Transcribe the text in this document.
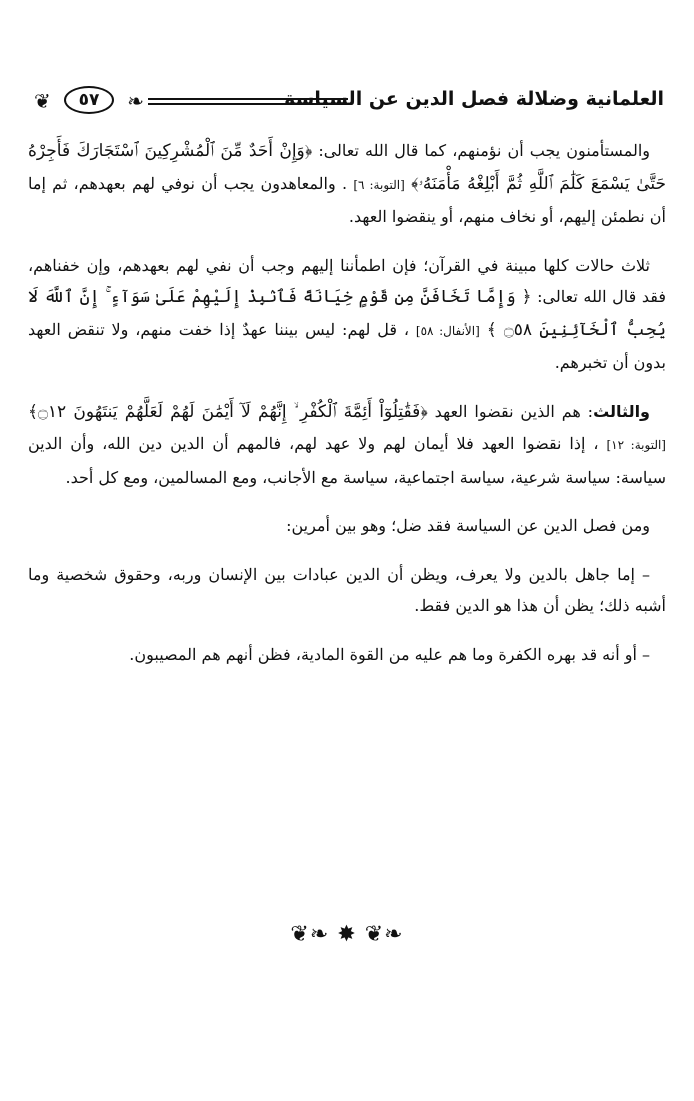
العلمانية وضلالة فصل الدين عن السياسة
❦	٥٧	❧

والمستأمنون يجب أن نؤمنهم، كما قال الله تعالى: ﴿وَإِنْ أَحَدٌ مِّنَ ٱلْمُشْرِكِينَ ٱسْتَجَارَكَ فَأَجِرْهُ حَتَّىٰ يَسْمَعَ كَلَٰمَ ٱللَّهِ ثُمَّ أَبْلِغْهُ مَأْمَنَهُۥ﴾ [التوبة: ٦] . والمعاهدون يجب أن نوفي لهم بعهدهم، ثم إما أن نطمئن إليهم، أو نخاف منهم، أو ينقضوا العهد.

ثلاث حالات كلها مبينة في القرآن؛ فإن اطمأننا إليهم وجب أن نفي لهم بعهدهم، وإن خفناهم، فقد قال الله تعالى: ﴿ وَإِمَّا تَخَافَنَّ مِن قَوْمٍ خِيَانَةً فَٱنۢبِذْ إِلَيْهِمْ عَلَىٰ سَوَآءٍ ۚ إِنَّ ٱللَّهَ لَا يُحِبُّ ٱلْخَآئِنِينَ ۝٥٨ ﴾ [الأنفال: ٥٨] ، قل لهم: ليس بيننا عهدٌ إذا خفت منهم، ولا تنقض العهد بدون أن تخبرهم.

والثالث: هم الذين نقضوا العهد ﴿فَقَٰتِلُوٓاْ أَئِمَّةَ ٱلْكُفْرِ ۙ إِنَّهُمْ لَآ أَيْمَٰنَ لَهُمْ لَعَلَّهُمْ يَنتَهُونَ ۝١٢﴾ [التوبة: ١٢] ، إذا نقضوا العهد فلا أيمان لهم ولا عهد لهم، فالمهم أن الدين دين الله، وأن الدين سياسة: سياسة شرعية، سياسة اجتماعية، سياسة مع الأجانب، ومع المسالمين، ومع كل أحد.

ومن فصل الدين عن السياسة فقد ضل؛ وهو بين أمرين:

– إما جاهل بالدين ولا يعرف، ويظن أن الدين عبادات بين الإنسان وربه، وحقوق شخصية وما أشبه ذلك؛ يظن أن هذا هو الدين فقط.

– أو أنه قد بهره الكفرة وما هم عليه من القوة المادية، فظن أنهم هم المصيبون.

❦❧ ✸ ❦❧
